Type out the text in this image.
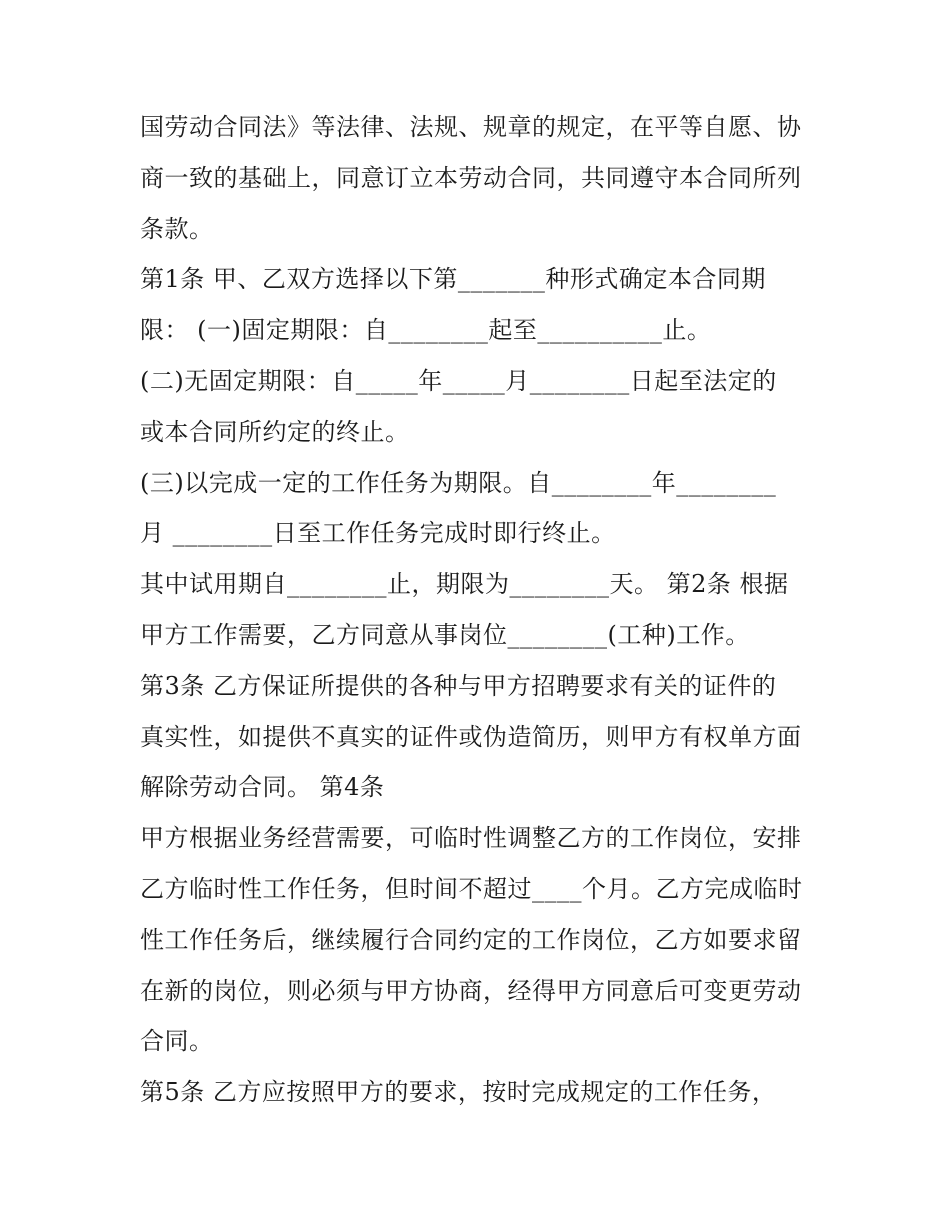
国劳动合同法》等法律、法规、规章的规定，在平等自愿、协
商一致的基础上，同意订立本劳动合同，共同遵守本合同所列
条款。
第1条 甲、乙双方选择以下第_______种形式确定本合同期
限： (一)固定期限：自________起至__________止。
(二)无固定期限：自_____年_____月________日起至法定的
或本合同所约定的终止。
(三)以完成一定的工作任务为期限。自________年________
月 ________日至工作任务完成时即行终止。
其中试用期自________止，期限为________天。 第2条 根据
甲方工作需要，乙方同意从事岗位________(工种)工作。
第3条 乙方保证所提供的各种与甲方招聘要求有关的证件的
真实性，如提供不真实的证件或伪造简历，则甲方有权单方面
解除劳动合同。 第4条
甲方根据业务经营需要，可临时性调整乙方的工作岗位，安排
乙方临时性工作任务，但时间不超过____个月。乙方完成临时
性工作任务后，继续履行合同约定的工作岗位，乙方如要求留
在新的岗位，则必须与甲方协商，经得甲方同意后可变更劳动
合同。
第5条 乙方应按照甲方的要求，按时完成规定的工作任务，
